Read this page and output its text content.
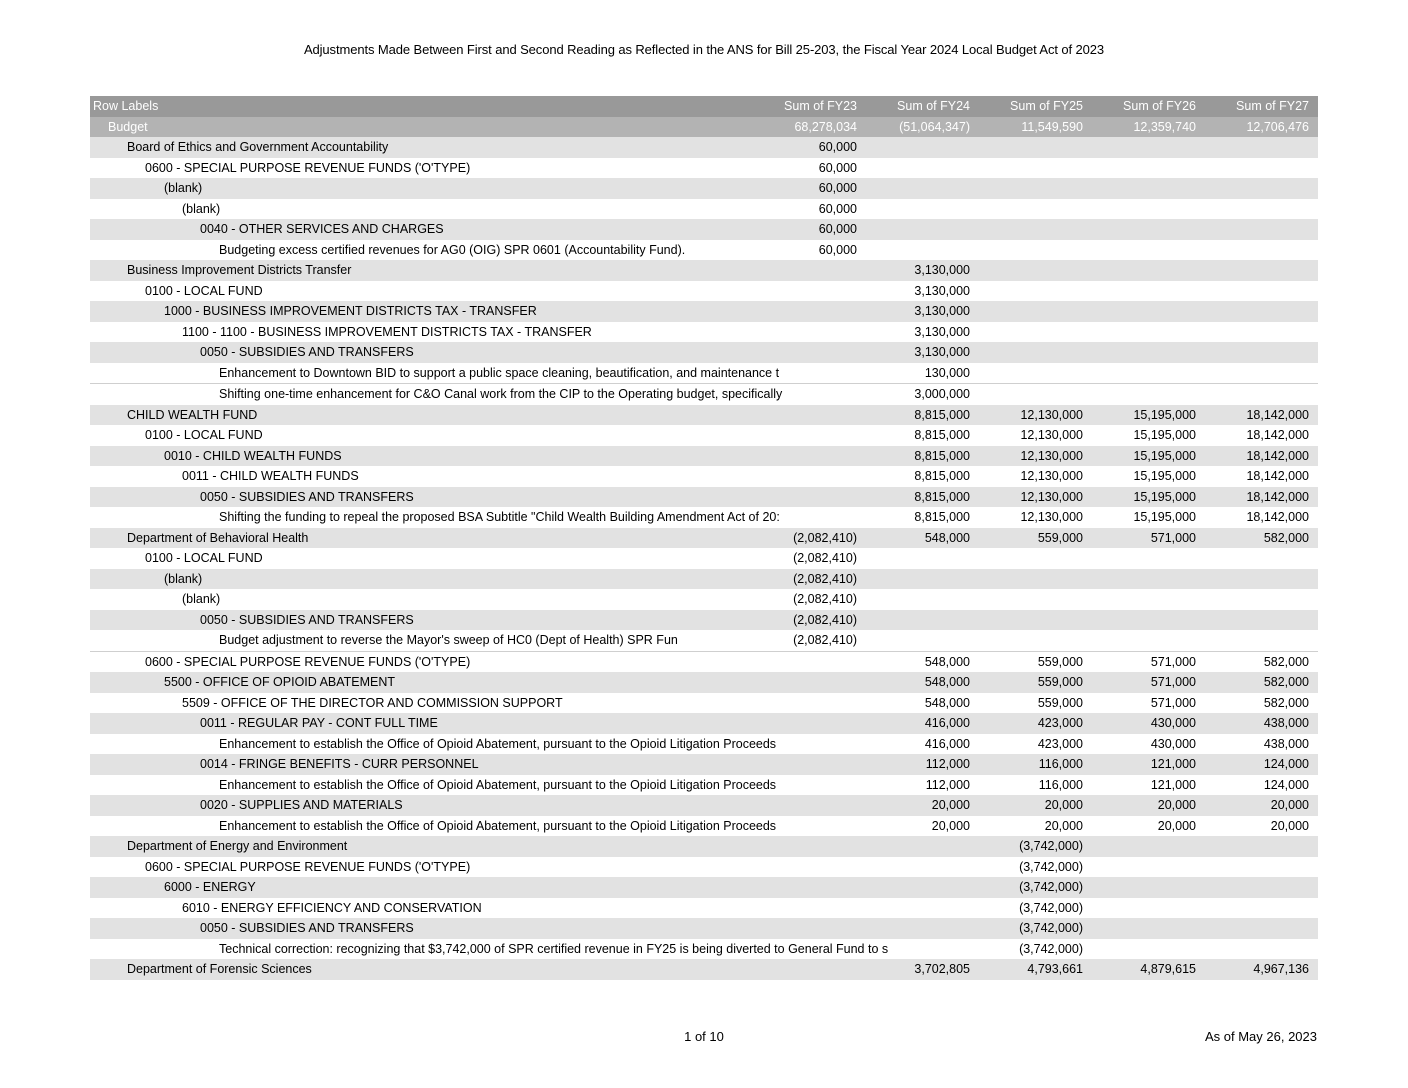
Adjustments Made Between First and Second Reading as Reflected in the ANS for Bill 25-203, the Fiscal Year 2024 Local Budget Act of 2023
Row Labels	Sum of FY23	Sum of FY24	Sum of FY25	Sum of FY26	Sum of FY27
Budget	68,278,034	(51,064,347)	11,549,590	12,359,740	12,706,476
Board of Ethics and Government Accountability	60,000				
0600 - SPECIAL PURPOSE REVENUE FUNDS ('O'TYPE)	60,000				
(blank)	60,000				
(blank)	60,000				
0040 - OTHER SERVICES AND CHARGES	60,000				
Budgeting excess certified revenues for AG0 (OIG) SPR 0601 (Accountability Fund).	60,000				
Business Improvement Districts Transfer		3,130,000			
0100 - LOCAL FUND		3,130,000			
1000 - BUSINESS IMPROVEMENT DISTRICTS TAX - TRANSFER		3,130,000			
1100 - 1100 - BUSINESS IMPROVEMENT DISTRICTS TAX - TRANSFER		3,130,000			
0050 - SUBSIDIES AND TRANSFERS		3,130,000			
Enhancement to Downtown BID to support a public space cleaning, beautification, and maintenance t		130,000			
Shifting one-time enhancement for C&O Canal work from the CIP to the Operating budget, specifically		3,000,000			
CHILD WEALTH FUND		8,815,000	12,130,000	15,195,000	18,142,000
0100 - LOCAL FUND		8,815,000	12,130,000	15,195,000	18,142,000
0010 - CHILD WEALTH FUNDS		8,815,000	12,130,000	15,195,000	18,142,000
0011 - CHILD WEALTH FUNDS		8,815,000	12,130,000	15,195,000	18,142,000
0050 - SUBSIDIES AND TRANSFERS		8,815,000	12,130,000	15,195,000	18,142,000
Shifting the funding to repeal the proposed BSA Subtitle "Child Wealth Building Amendment Act of 20:		8,815,000	12,130,000	15,195,000	18,142,000
Department of Behavioral Health	(2,082,410)	548,000	559,000	571,000	582,000
0100 - LOCAL FUND	(2,082,410)				
(blank)	(2,082,410)				
(blank)	(2,082,410)				
0050 - SUBSIDIES AND TRANSFERS	(2,082,410)				
Budget adjustment to reverse the Mayor's sweep of HC0 (Dept of Health) SPR Fun	(2,082,410)				
0600 - SPECIAL PURPOSE REVENUE FUNDS ('O'TYPE)		548,000	559,000	571,000	582,000
5500 - OFFICE OF OPIOID ABATEMENT		548,000	559,000	571,000	582,000
5509 - OFFICE OF THE DIRECTOR AND COMMISSION SUPPORT		548,000	559,000	571,000	582,000
0011 - REGULAR PAY - CONT FULL TIME		416,000	423,000	430,000	438,000
Enhancement to establish the Office of Opioid Abatement, pursuant to the Opioid Litigation Proceeds		416,000	423,000	430,000	438,000
0014 - FRINGE BENEFITS - CURR PERSONNEL		112,000	116,000	121,000	124,000
Enhancement to establish the Office of Opioid Abatement, pursuant to the Opioid Litigation Proceeds		112,000	116,000	121,000	124,000
0020 - SUPPLIES AND MATERIALS		20,000	20,000	20,000	20,000
Enhancement to establish the Office of Opioid Abatement, pursuant to the Opioid Litigation Proceeds		20,000	20,000	20,000	20,000
Department of Energy and Environment			(3,742,000)		
0600 - SPECIAL PURPOSE REVENUE FUNDS ('O'TYPE)			(3,742,000)		
6000 - ENERGY			(3,742,000)		
6010 - ENERGY EFFICIENCY AND CONSERVATION			(3,742,000)		
0050 - SUBSIDIES AND TRANSFERS			(3,742,000)		
Technical correction: recognizing that $3,742,000 of SPR certified revenue in FY25 is being diverted to General Fund to s			(3,742,000)		
Department of Forensic Sciences		3,702,805	4,793,661	4,879,615	4,967,136
1 of 10	As of May 26, 2023
